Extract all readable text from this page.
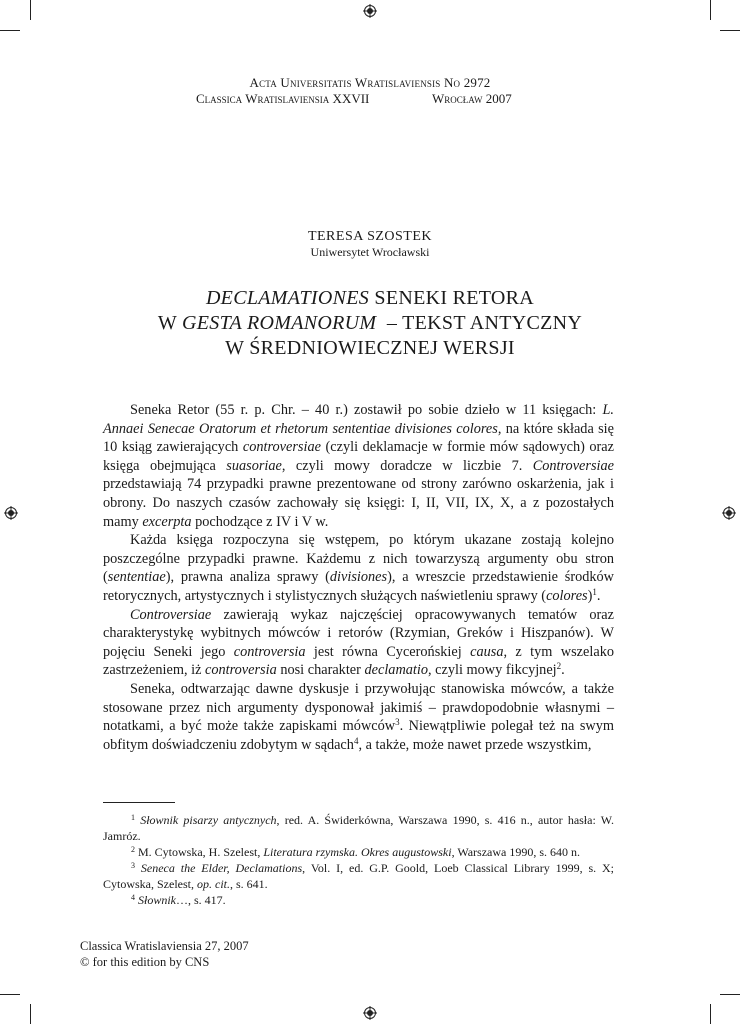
Acta Universitatis Wratislaviensis No 2972
Classica Wratislaviensia XXVII	Wrocław 2007
TERESA SZOSTEK
Uniwersytet Wrocławski
DECLAMATIONES SENEKI RETORA
W GESTA ROMANORUM  – TEKST ANTYCZNY
W ŚREDNIOWIECZNEJ WERSJI

Seneka Retor (55 r. p. Chr. – 40 r.) zostawił po sobie dzieło w 11 księgach: L. Annaei Senecae Oratorum et rhetorum sententiae divisiones colores, na które składa się 10 ksiąg zawierających controversiae (czyli deklamacje w formie mów sądowych) oraz księga obejmująca suasoriae, czyli mowy doradcze w liczbie 7. Controversiae przedstawiają 74 przypadki prawne prezentowane od strony zarówno oskarżenia, jak i obrony. Do naszych czasów zachowały się księgi: I, II, VII, IX, X, a z pozostałych mamy excerpta pochodzące z IV i V w.

Każda księga rozpoczyna się wstępem, po którym ukazane zostają kolejno poszczególne przypadki prawne. Każdemu z nich towarzyszą argumenty obu stron (sententiae), prawna analiza sprawy (divisiones), a wreszcie przedstawienie środków retorycznych, artystycznych i stylistycznych służących naświetleniu sprawy (colores)$^1$.

Controversiae zawierają wykaz najczęściej opracowywanych tematów oraz charakterystykę wybitnych mówców i retorów (Rzymian, Greków i Hiszpanów). W pojęciu Seneki jego controversia jest równa Cycerońskiej causa, z tym wszelako zastrzeżeniem, iż controversia nosi charakter declamatio, czyli mowy fikcyjnej$^2$.

Seneka, odtwarzając dawne dyskusje i przywołując stanowiska mówców, a także stosowane przez nich argumenty dysponował jakimiś – prawdopodobnie własnymi – notatkami, a być może także zapiskami mówców$^3$. Niewątpliwie polegał też na swym obfitym doświadczeniu zdobytym w sądach$^4$, a także, może nawet przede wszystkim,

$^1$ Słownik pisarzy antycznych, red. A. Świderkówna, Warszawa 1990, s. 416 n., autor hasła: W. Jamróz.

$^2$ M. Cytowska, H. Szelest, Literatura rzymska. Okres augustowski, Warszawa 1990, s. 640 n.

$^3$ Seneca the Elder, Declamations, Vol. I, ed. G.P. Goold, Loeb Classical Library 1999, s. X; Cytowska, Szelest, op. cit., s. 641.

$^4$ Słownik…, s. 417.

Classica Wratislaviensia 27, 2007
© for this edition by CNS
